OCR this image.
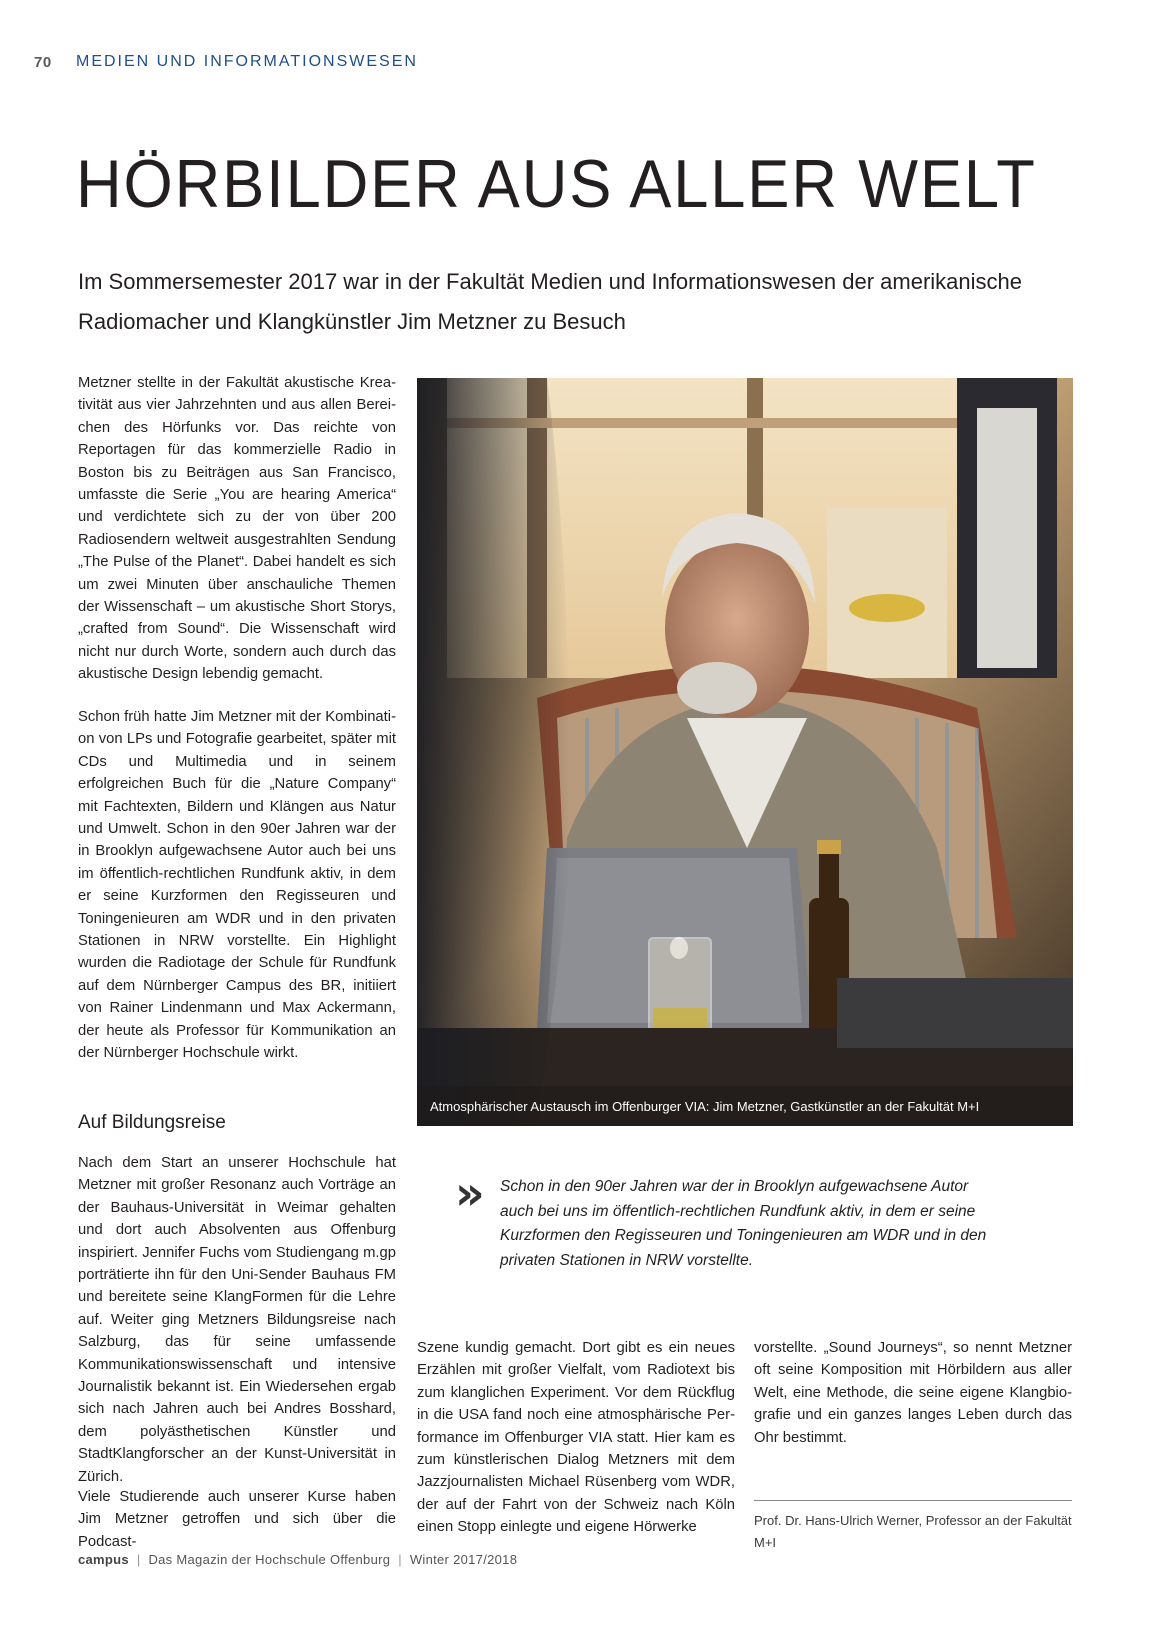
70 MEDIEN UND INFORMATIONSWESEN
HÖRBILDER AUS ALLER WELT
Im Sommersemester 2017 war in der Fakultät Medien und Informationswesen der amerikanische Radiomacher und Klangkünstler Jim Metzner zu Besuch

Metzner stellte in der Fakultät akustische Kreativität aus vier Jahrzehnten und aus allen Bereichen des Hörfunks vor. Das reichte von Reportagen für das kommerzielle Radio in Boston bis zu Beiträgen aus San Francisco, umfasste die Serie „You are hearing America“ und verdichtete sich zu der von über 200 Radiosendern weltweit ausgestrahlten Sendung „The Pulse of the Planet“. Dabei handelt es sich um zwei Minuten über anschauliche Themen der Wissenschaft – um akustische Short Storys, „crafted from Sound“. Die Wissenschaft wird nicht nur durch Worte, sondern auch durch das akustische Design lebendig gemacht.

Schon früh hatte Jim Metzner mit der Kombination von LPs und Fotografie gearbeitet, später mit CDs und Multimedia und in seinem erfolgreichen Buch für die „Nature Company“ mit Fachtexten, Bildern und Klängen aus Natur und Umwelt. Schon in den 90er Jahren war der in Brooklyn aufgewachsene Autor auch bei uns im öffentlich-rechtlichen Rundfunk aktiv, in dem er seine Kurzformen den Regisseuren und Toningenieuren am WDR und in den privaten Stationen in NRW vorstellte. Ein Highlight wurden die Radiotage der Schule für Rundfunk auf dem Nürnberger Campus des BR, initiiert von Rainer Lindenmann und Max Ackermann, der heute als Professor für Kommunikation an der Nürnberger Hochschule wirkt.

Auf Bildungsreise

Nach dem Start an unserer Hochschule hat Metzner mit großer Resonanz auch Vorträge an der Bauhaus-Universität in Weimar gehalten und dort auch Absolventen aus Offenburg inspiriert. Jennifer Fuchs vom Studiengang m.gp porträtierte ihn für den Uni-Sender Bauhaus FM und bereitete seine KlangFormen für die Lehre auf. Weiter ging Metzners Bildungsreise nach Salzburg, das für seine umfassende Kommunikationswissenschaft und intensive Journalistik bekannt ist. Ein Wiedersehen ergab sich nach Jahren auch bei Andres Bosshard, dem polyästhetischen Künstler und StadtKlangforscher an der Kunst-Universität in Zürich.

Viele Studierende auch unserer Kurse haben Jim Metzner getroffen und sich über die Podcast-

Atmosphärischer Austausch im Offenburger VIA: Jim Metzner, Gastkünstler an der Fakultät M+I
» Schon in den 90er Jahren war der in Brooklyn aufgewachsene Autor auch bei uns im öffentlich-rechtlichen Rundfunk aktiv, in dem er seine Kurzformen den Regisseuren und Toningenieuren am WDR und in den privaten Stationen in NRW vorstellte.

Szene kundig gemacht. Dort gibt es ein neues Erzählen mit großer Vielfalt, vom Radiotext bis zum klanglichen Experiment. Vor dem Rückflug in die USA fand noch eine atmosphärische Performance im Offenburger VIA statt. Hier kam es zum künstlerischen Dialog Metzners mit dem Jazzjournalisten Michael Rüsenberg vom WDR, der auf der Fahrt von der Schweiz nach Köln einen Stopp einlegte und eigene Hörwerke

vorstellte. „Sound Journeys“, so nennt Metzner oft seine Komposition mit Hörbildern aus aller Welt, eine Methode, die seine eigene Klangbiografie und ein ganzes langes Leben durch das Ohr bestimmt.

Prof. Dr. Hans-Ulrich Werner, Professor an der Fakultät M+I
campus | Das Magazin der Hochschule Offenburg | Winter 2017/2018
